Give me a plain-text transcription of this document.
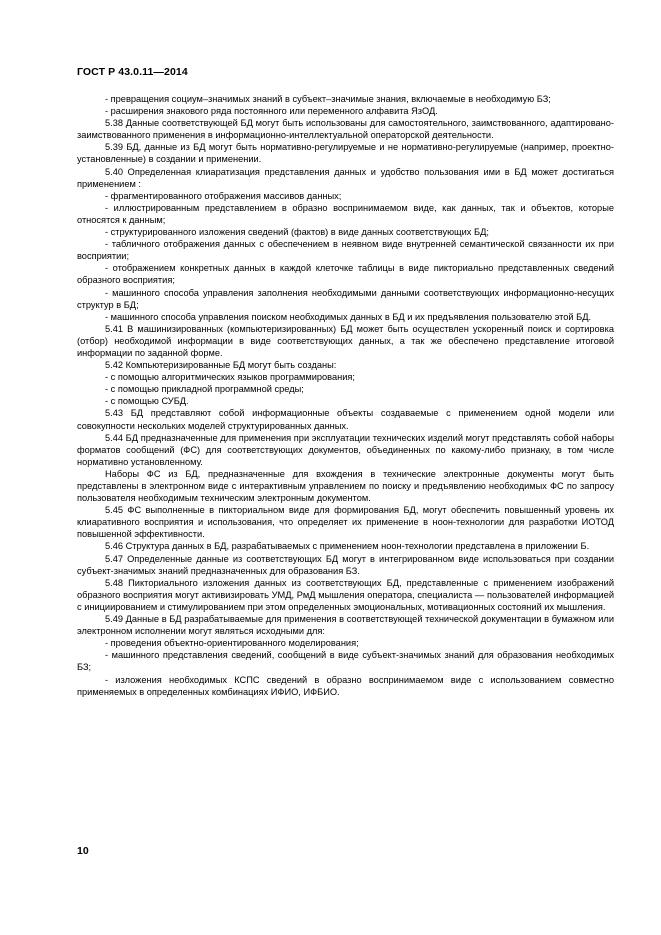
ГОСТ Р 43.0.11—2014

- превращения социум–значимых знаний в субъект–значимые знания, включаемые в необходимую БЗ;

- расширения знакового ряда постоянного или переменного алфавита ЯзОД.

5.38 Данные соответствующей БД могут быть использованы для самостоятельного, заимствованного, адаптировано-заимствованного применения в информационно-интеллектуальной операторской деятельности.

5.39 БД, данные из БД могут быть нормативно-регулируемые и не нормативно-регулируемые (например, проектно-установленные) в создании и применении.

5.40 Определенная клиаратизация представления данных и удобство пользования ими в БД может достигаться применением :

- фрагментированного отображения массивов данных;

- иллюстрированным представлением в образно воспринимаемом виде, как данных, так и объектов, которые относятся к данным;

- структурированного изложения сведений (фактов) в виде данных соответствующих БД;

- табличного отображения данных с обеспечением в неявном виде внутренней семантической связанности их при восприятии;

- отображением конкретных данных в каждой клеточке таблицы в виде пиктoриально представленных сведений образного восприятия;

- машинного способа управления заполнения необходимыми данными соответствующих информационно-несущих структур в БД;

- машинного способа управления поиском необходимых данных в БД и их предъявления пользователю этой БД.

5.41 В машинизированных (компьютеризированных) БД может быть осуществлен ускоренный поиск и сортировка (отбор) необходимой информации в виде соответствующих данных, а так же обеспечено представление итоговой информации по заданной форме.

5.42 Компьютеризированные БД могут быть созданы:

- с помощью алгоритмических языков программирования;

- с помощью прикладной программной среды;

- с помощью СУБД.

5.43 БД представляют собой информационные объекты создаваемые с применением одной модели или совокупности нескольких моделей структурированных данных.

5.44 БД предназначенные для применения при эксплуатации технических изделий могут представлять собой наборы форматов сообщений (ФС) для соответствующих документов, объединенных по какому-либо признаку, в том числе нормативно установленному.

Наборы ФС из БД, предназначенные для вхождения в технические электронные документы могут быть представлены в электронном виде с интерактивным управлением по поиску и предъявлению необходимых ФС по запросу пользователя необходимым техническим электронным документом.

5.45 ФС выполненные в пиктoриальном виде для формирования БД, могут обеспечить повышенный уровень их клиаративного восприятия и использования, что определяет их применение в ноон-технологии для разработки ИОТОД повышенной эффективности.

5.46 Структура данных в БД, разрабатываемых с применением ноон-технологии представлена в приложении Б.

5.47 Определенные данные из соответствующих БД могут в интегрированном виде использоваться при создании субъект-значимых знаний предназначенных для образования БЗ.

5.48 Пиктoриального изложения данных из соответствующих БД, представленные с применением изображений образного восприятия могут активизировать УМД, РмД мышления оператора, специалиста — пользователей информацией с инициированием и стимулированием при этом определенных эмоциональных, мотивационных состояний их мышления.

5.49 Данные в БД разрабатываемые для применения в соответствующей технической документации в бумажном или электронном исполнении могут являться исходными для:

- проведения объектно-ориентированного моделирования;

- машинного представления сведений, сообщений в виде субъект-значимых знаний для образования необходимых БЗ;

- изложения необходимых КСПС сведений в образно воспринимаемом виде с использованием совместно применяемых в определенных комбинациях ИФИО, ИФБИО.

10
